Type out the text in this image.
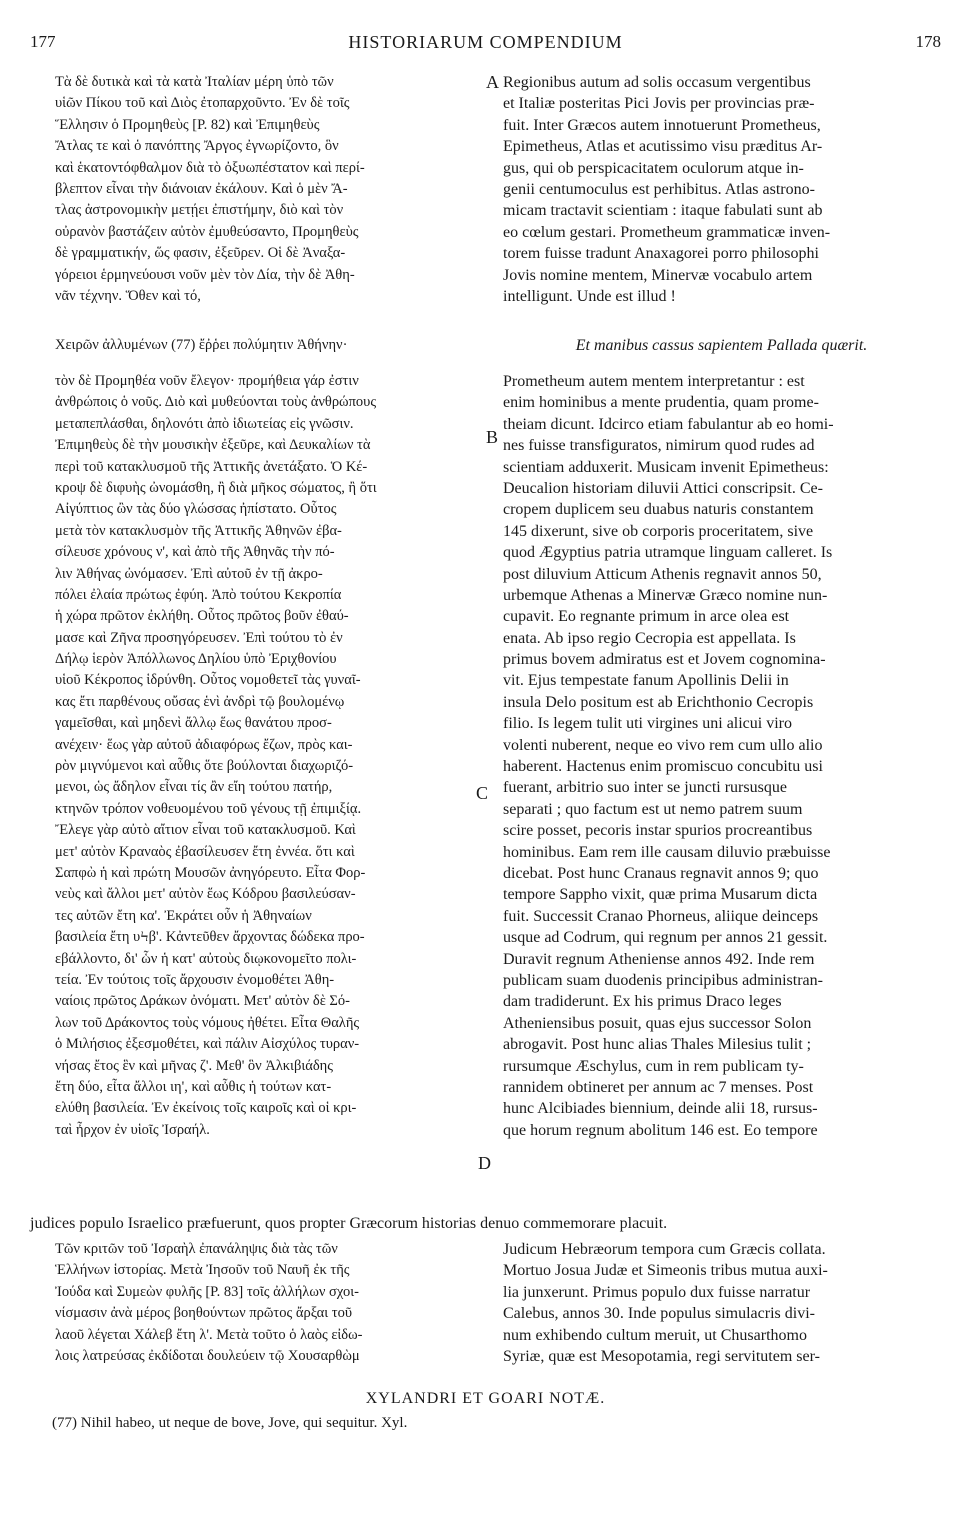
177	HISTORIARUM COMPENDIUM	178
A
B
C
D
Τὰ δὲ δυτικὰ καὶ τὰ κατὰ Ἰταλίαν μέρη ὑπὸ τῶν
υἱῶν Πίκου τοῦ καὶ Διὸς ἐτοπαρχοῦντο. Ἐν δὲ τοῖς
Ἕλλησιν ὁ Προμηθεὺς [P. 82) καὶ Ἐπιμηθεὺς
Ἄτλας τε καὶ ὁ πανόπτης Ἄργος ἐγνωρίζοντο, ὃν
καὶ ἑκατοντόφθαλμον διὰ τὸ ὀξυωπέστατον καὶ περί-
βλεπτον εἶναι τὴν διάνοιαν ἐκάλουν. Καὶ ὁ μὲν Ἄ-
τλας ἀστρονομικὴν μετῄει ἐπιστήμην, διὸ καὶ τὸν
οὐρανὸν βαστάζειν αὐτὸν ἐμυθεύσαντο, Προμηθεὺς
δὲ γραμματικήν, ὥς φασιν, ἐξεῦρεν. Οἱ δὲ Ἀναξα-
γόρειοι ἑρμηνεύουσι νοῦν μὲν τὸν Δία, τὴν δὲ Ἀθη-
νᾶν τέχνην. Ὅθεν καὶ τό,
Regionibus autum ad solis occasum vergentibus
et Italiæ posteritas Pici Jovis per provincias præ-
fuit. Inter Græcos autem innotuerunt Prometheus,
Epimetheus, Atlas et acutissimo visu præditus Ar-
gus, qui ob perspicacitatem oculorum atque in-
genii centumoculus est perhibitus. Atlas astrono-
micam tractavit scientiam : itaque fabulati sunt ab
eo cœlum gestari. Prometheum grammaticæ inven-
torem fuisse tradunt Anaxagorei porro philosophi
Jovis nomine mentem, Minervæ vocabulo artem
intelligunt. Unde est illud !
Χειρῶν ἀλλυμένων (77) ἔῤῥει πολύμητιν Ἀθήνην·	Et manibus cassus sapientem Pallada quærit.
τὸν δὲ Προμηθέα νοῦν ἔλεγον· προμήθεια γάρ ἐστιν
ἀνθρώποις ὁ νοῦς. Διὸ καὶ μυθεύονται τοὺς ἀνθρώπους
μεταπεπλάσθαι, δηλονότι ἀπὸ ἰδιωτείας εἰς γνῶσιν.
Ἐπιμηθεὺς δὲ τὴν μουσικὴν ἐξεῦρε, καὶ Δευκαλίων τὰ
περὶ τοῦ κατακλυσμοῦ τῆς Ἀττικῆς ἀνετάξατο. Ὁ Κέ-
κροψ δὲ διφυὴς ὠνομάσθη, ἢ διὰ μῆκος σώματος, ἢ ὅτι
Αἰγύπτιος ὢν τὰς δύο γλώσσας ἠπίστατο. Οὗτος
μετὰ τὸν κατακλυσμὸν τῆς Ἀττικῆς Ἀθηνῶν ἐβα-
σίλευσε χρόνους ν', καὶ ἀπὸ τῆς Ἀθηνᾶς τὴν πό-
λιν Ἀθήνας ὠνόμασεν. Ἐπὶ αὐτοῦ ἐν τῇ ἀκρο-
πόλει ἐλαία πρώτως ἐφύη. Ἀπὸ τούτου Κεκροπία
ἡ χώρα πρῶτον ἐκλήθη. Οὗτος πρῶτος βοῦν ἐθαύ-
μασε καὶ Ζῆνα προσηγόρευσεν. Ἐπὶ τούτου τὸ ἐν
Δήλῳ ἱερὸν Ἀπόλλωνος Δηλίου ὑπὸ Ἐριχθονίου
υἱοῦ Κέκροπος ἱδρύνθη. Οὗτος νομοθετεῖ τὰς γυναῖ-
κας ἔτι παρθένους οὔσας ἑνὶ ἀνδρὶ τῷ βουλομένῳ
γαμεῖσθαι, καὶ μηδενὶ ἄλλῳ ἕως θανάτου προσ-
ανέχειν· ἕως γὰρ αὐτοῦ ἀδιαφόρως ἔζων, πρὸς και-
ρὸν μιγνύμενοι καὶ αὖθις ὅτε βούλονται διαχωριζό-
μενοι, ὡς ἄδηλον εἶναι τίς ἂν εἴη τούτου πατήρ,
κτηνῶν τρόπον νοθευομένου τοῦ γένους τῇ ἐπιμιξίᾳ.
Ἔλεγε γὰρ αὐτὸ αἴτιον εἶναι τοῦ κατακλυσμοῦ. Καὶ
μετ' αὐτὸν Κραναὸς ἐβασίλευσεν ἔτη ἐννέα. ὅτι καὶ
Σαπφὼ ἡ καὶ πρώτη Μουσῶν ἀνηγόρευτο. Εἶτα Φορ-
νεὺς καὶ ἄλλοι μετ' αὐτὸν ἕως Κόδρου βασιλεύσαν-
τες αὐτῶν ἔτη κα'. Ἐκράτει οὖν ἡ Ἀθηναίων
βασιλεία ἔτη υϞβ'. Κἀντεῦθεν ἄρχοντας δώδεκα προ-
εβάλλοντο, δι' ὧν ἡ κατ' αὐτοὺς διῳκονομεῖτο πολι-
τεία. Ἐν τούτοις τοῖς ἄρχουσιν ἐνομοθέτει Ἀθη-
ναίοις πρῶτος Δράκων ὀνόματι. Μετ' αὐτὸν δὲ Σό-
λων τοῦ Δράκοντος τοὺς νόμους ἠθέτει. Εἶτα Θαλῆς
ὁ Μιλήσιος ἐξεσμοθέτει, καὶ πάλιν Αἰσχύλος τυραν-
νήσας ἔτος ἓν καὶ μῆνας ζ'. Μεθ' ὃν Ἀλκιβιάδης
ἔτη δύο, εἶτα ἄλλοι ιη', καὶ αὖθις ἡ τούτων κατ-
ελύθη βασιλεία. Ἐν ἐκείνοις τοῖς καιροῖς καὶ οἱ κρι-
ταὶ ἦρχον ἐν υἱοῖς Ἰσραήλ.
Prometheum autem mentem interpretantur : est
enim hominibus a mente prudentia, quam prome-
theiam dicunt. Idcirco etiam fabulantur ab eo homi-
nes fuisse transfiguratos, nimirum quod rudes ad
scientiam adduxerit. Musicam invenit Epimetheus:
Deucalion historiam diluvii Attici conscripsit. Ce-
cropem duplicem seu duabus naturis constantem
145 dixerunt, sive ob corporis proceritatem, sive
quod Ægyptius patria utramque linguam calleret. Is
post diluvium Atticum Athenis regnavit annos 50,
urbemque Athenas a Minervæ Græco nomine nun-
cupavit. Eo regnante primum in arce olea est
enata. Ab ipso regio Cecropia est appellata. Is
primus bovem admiratus est et Jovem cognomina-
vit. Ejus tempestate fanum Apollinis Delii in
insula Delo positum est ab Erichthonio Cecropis
filio. Is legem tulit uti virgines uni alicui viro
volenti nuberent, neque eo vivo rem cum ullo alio
haberent. Hactenus enim promiscuo concubitu usi
fuerant, arbitrio suo inter se juncti rursusque
separati ; quo factum est ut nemo patrem suum
scire posset, pecoris instar spurios procreantibus
hominibus. Eam rem ille causam diluvio præbuisse
dicebat. Post hunc Cranaus regnavit annos 9; quo
tempore Sappho vixit, quæ prima Musarum dicta
fuit. Successit Cranao Phorneus, aliique deinceps
usque ad Codrum, qui regnum per annos 21 gessit.
Duravit regnum Atheniense annos 492. Inde rem
publicam suam duodenis principibus administran-
dam tradiderunt. Ex his primus Draco leges
Atheniensibus posuit, quas ejus successor Solon
abrogavit. Post hunc alias Thales Milesius tulit ;
rursumque Æschylus, cum in rem publicam ty-
rannidem obtineret per annum ac 7 menses. Post
hunc Alcibiades biennium, deinde alii 18, rursus-
que horum regnum abolitum 146 est. Eo tempore
judices populo Israelico præfuerunt, quos propter Græcorum historias denuo commemorare placuit.
Τῶν κριτῶν τοῦ Ἰσραὴλ ἐπανάληψις διὰ τὰς τῶν
Ἑλλήνων ἱστορίας. Μετὰ Ἰησοῦν τοῦ Ναυῆ ἐκ τῆς
Ἰούδα καὶ Συμεὼν φυλῆς [P. 83] τοῖς ἀλλήλων σχοι-
νίσμασιν ἀνὰ μέρος βοηθούντων πρῶτος ἄρξαι τοῦ
λαοῦ λέγεται Χάλεβ ἔτη λ'. Μετὰ τοῦτο ὁ λαὸς εἰδω-
λοις λατρεύσας ἐκδίδοται δουλεύειν τῷ Χουσαρθὼμ
Judicum Hebræorum tempora cum Græcis collata.
Mortuo Josua Judæ et Simeonis tribus mutua auxi-
lia junxerunt. Primus populo dux fuisse narratur
Calebus, annos 30. Inde populus simulacris divi-
num exhibendo cultum meruit, ut Chusarthomo
Syriæ, quæ est Mesopotamia, regi servitutem ser-
XYLANDRI ET GOARI NOTÆ.
(77) Nihil habeo, ut neque de bove, Jove, qui sequitur. Xyl.
